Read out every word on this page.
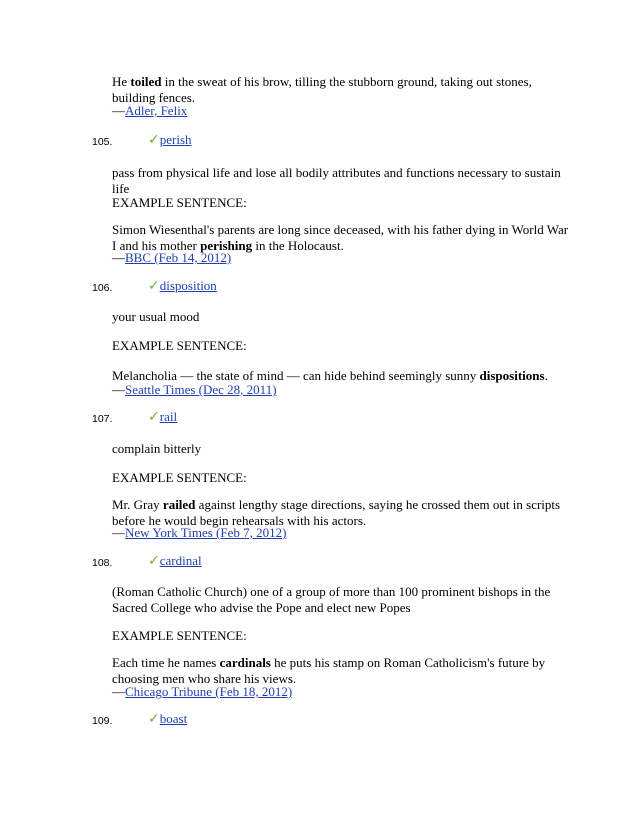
He toiled in the sweat of his brow, tilling the stubborn ground, taking out stones, building fences.
—Adler, Felix
105.	✓perish
pass from physical life and lose all bodily attributes and functions necessary to sustain life
EXAMPLE SENTENCE:
Simon Wiesenthal's parents are long since deceased, with his father dying in World War I and his mother perishing in the Holocaust.
—BBC (Feb 14, 2012)
106.	✓disposition
your usual mood
EXAMPLE SENTENCE:
Melancholia — the state of mind — can hide behind seemingly sunny dispositions.
—Seattle Times (Dec 28, 2011)
107.	✓rail
complain bitterly
EXAMPLE SENTENCE:
Mr. Gray railed against lengthy stage directions, saying he crossed them out in scripts before he would begin rehearsals with his actors.
—New York Times (Feb 7, 2012)
108.	✓cardinal
(Roman Catholic Church) one of a group of more than 100 prominent bishops in the Sacred College who advise the Pope and elect new Popes
EXAMPLE SENTENCE:
Each time he names cardinals he puts his stamp on Roman Catholicism's future by choosing men who share his views.
—Chicago Tribune (Feb 18, 2012)
109.	✓boast
